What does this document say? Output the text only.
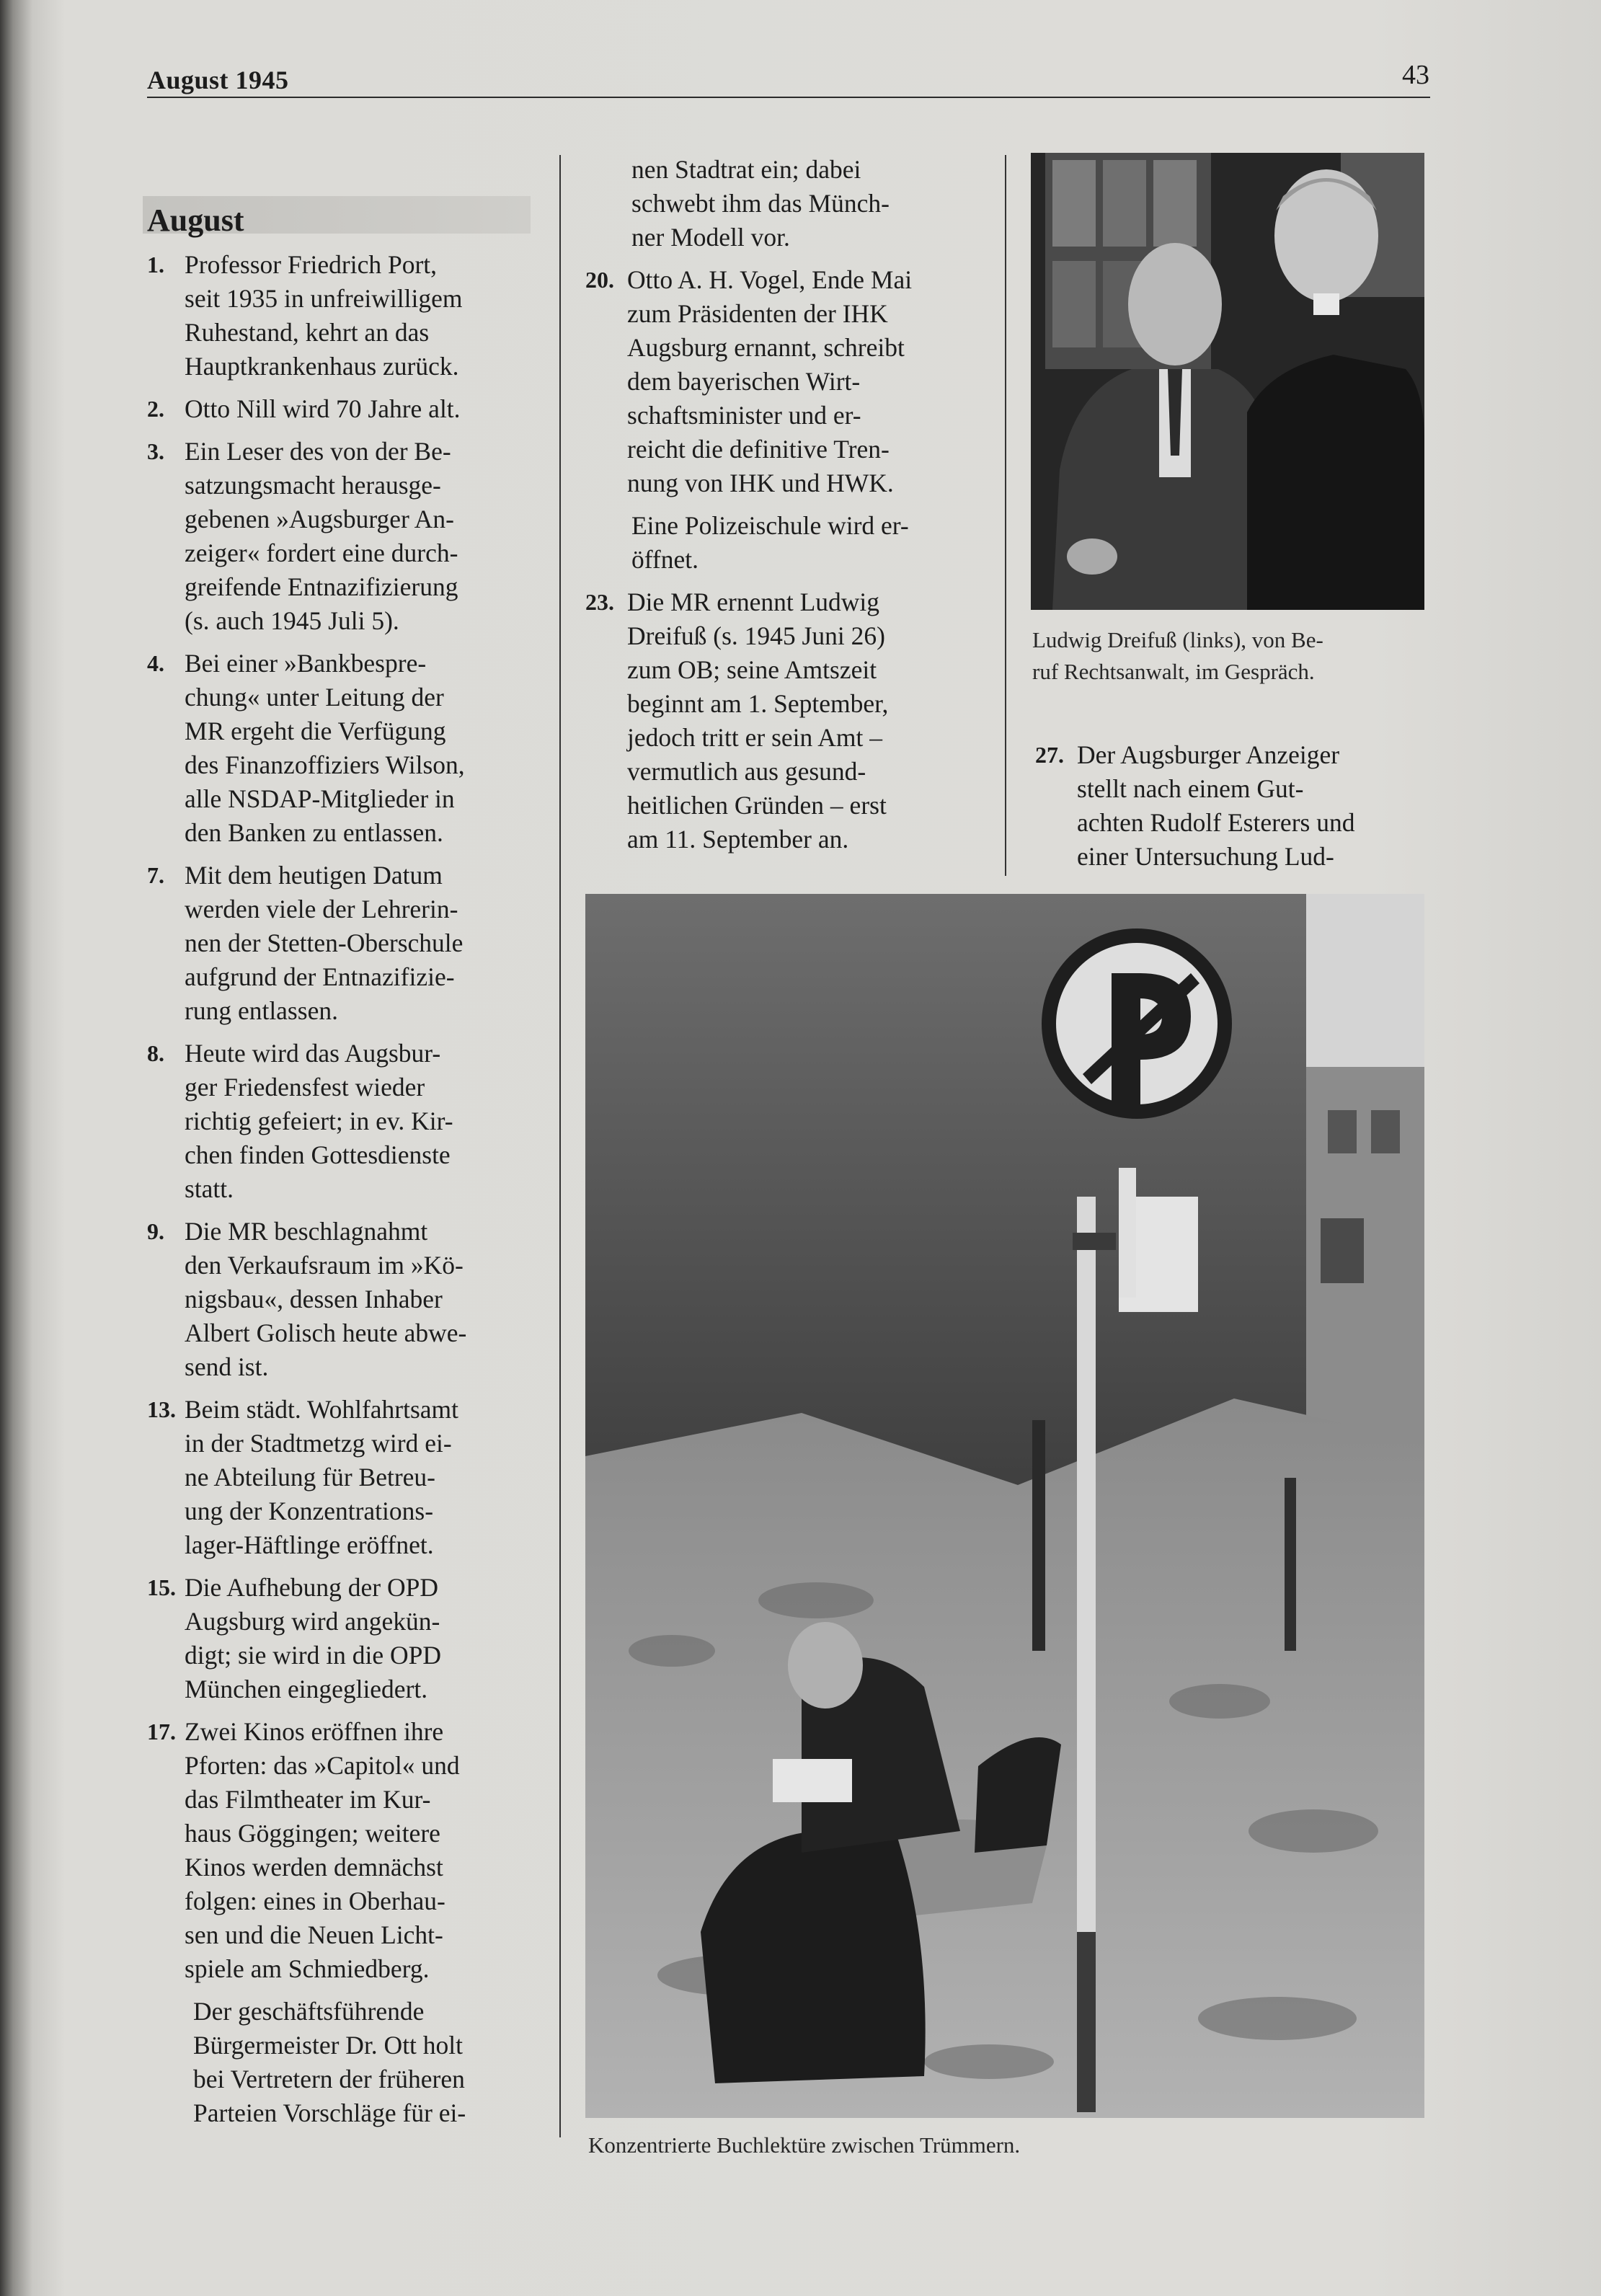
August 1945	43
August
1. Professor Friedrich Port,
seit 1935 in unfreiwilligem
Ruhestand, kehrt an das
Hauptkrankenhaus zurück.
2. Otto Nill wird 70 Jahre alt.
3. Ein Leser des von der Be-
satzungsmacht herausge-
gebenen »Augsburger An-
zeiger« fordert eine durch-
greifende Entnazifizierung
(s. auch 1945 Juli 5).
4. Bei einer »Bankbespre-
chung« unter Leitung der
MR ergeht die Verfügung
des Finanzoffiziers Wilson,
alle NSDAP-Mitglieder in
den Banken zu entlassen.
7. Mit dem heutigen Datum
werden viele der Lehrerin-
nen der Stetten-Oberschule
aufgrund der Entnazifizie-
rung entlassen.
8. Heute wird das Augsbur-
ger Friedensfest wieder
richtig gefeiert; in ev. Kir-
chen finden Gottesdienste
statt.
9. Die MR beschlagnahmt
den Verkaufsraum im »Kö-
nigsbau«, dessen Inhaber
Albert Golisch heute abwe-
send ist.
13. Beim städt. Wohlfahrtsamt
in der Stadtmetzg wird ei-
ne Abteilung für Betreu-
ung der Konzentrations-
lager-Häftlinge eröffnet.
15. Die Aufhebung der OPD
Augsburg wird angekün-
digt; sie wird in die OPD
München eingegliedert.
17. Zwei Kinos eröffnen ihre
Pforten: das »Capitol« und
das Filmtheater im Kur-
haus Göggingen; weitere
Kinos werden demnächst
folgen: eines in Oberhau-
sen und die Neuen Licht-
spiele am Schmiedberg.
Der geschäftsführende
Bürgermeister Dr. Ott holt
bei Vertretern der früheren
Parteien Vorschläge für ei-
nen Stadtrat ein; dabei
schwebt ihm das Münch-
ner Modell vor.
20. Otto A. H. Vogel, Ende Mai
zum Präsidenten der IHK
Augsburg ernannt, schreibt
dem bayerischen Wirt-
schaftsminister und er-
reicht die definitive Tren-
nung von IHK und HWK.
Eine Polizeischule wird er-
öffnet.
23. Die MR ernennt Ludwig
Dreifuß (s. 1945 Juni 26)
zum OB; seine Amtszeit
beginnt am 1. September,
jedoch tritt er sein Amt –
vermutlich aus gesund-
heitlichen Gründen – erst
am 11. September an.
Ludwig Dreifuß (links), von Be-
ruf Rechtsanwalt, im Gespräch.
27. Der Augsburger Anzeiger
stellt nach einem Gut-
achten Rudolf Esterers und
einer Untersuchung Lud-
Konzentrierte Buchlektüre zwischen Trümmern.
